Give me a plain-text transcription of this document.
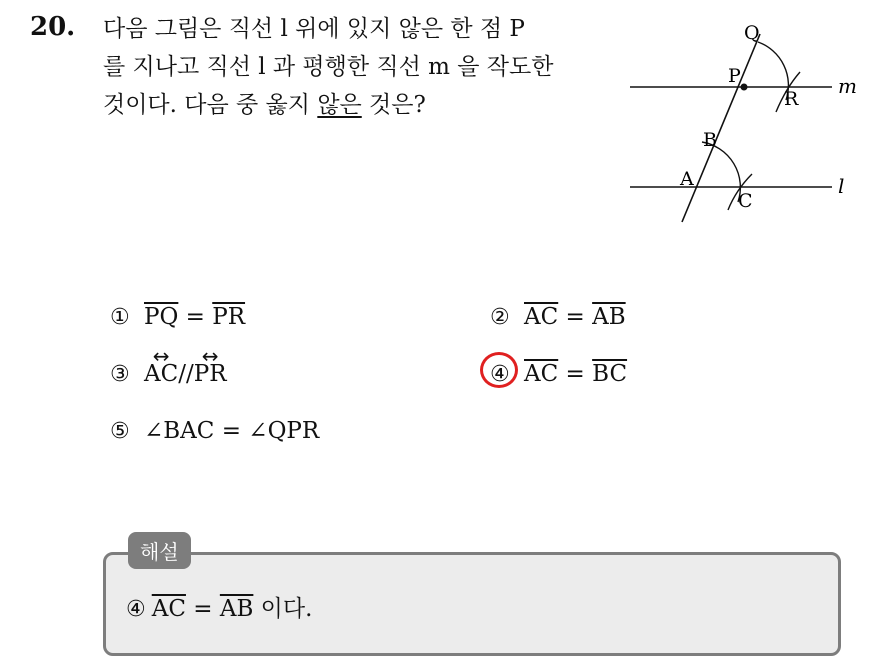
20. 다음 그림은 직선 l 위에 있지 않은 한 점 P
를 지나고 직선 l 과 평행한 직선 m 을 작도한
것이다. 다음 중 옳지 않은 것은?
Q
P
R
m
B
A
C
l
① $\overline{PQ} = \overline{PR}$	② $\overline{AC} = \overline{AB}$
③ ↔ AC // ↔ PR	④ $\overline{AC} = \overline{BC}$
⑤ ∠BAC = ∠QPR
해설
④ $\overline{AC} = \overline{AB}$ 이다.
